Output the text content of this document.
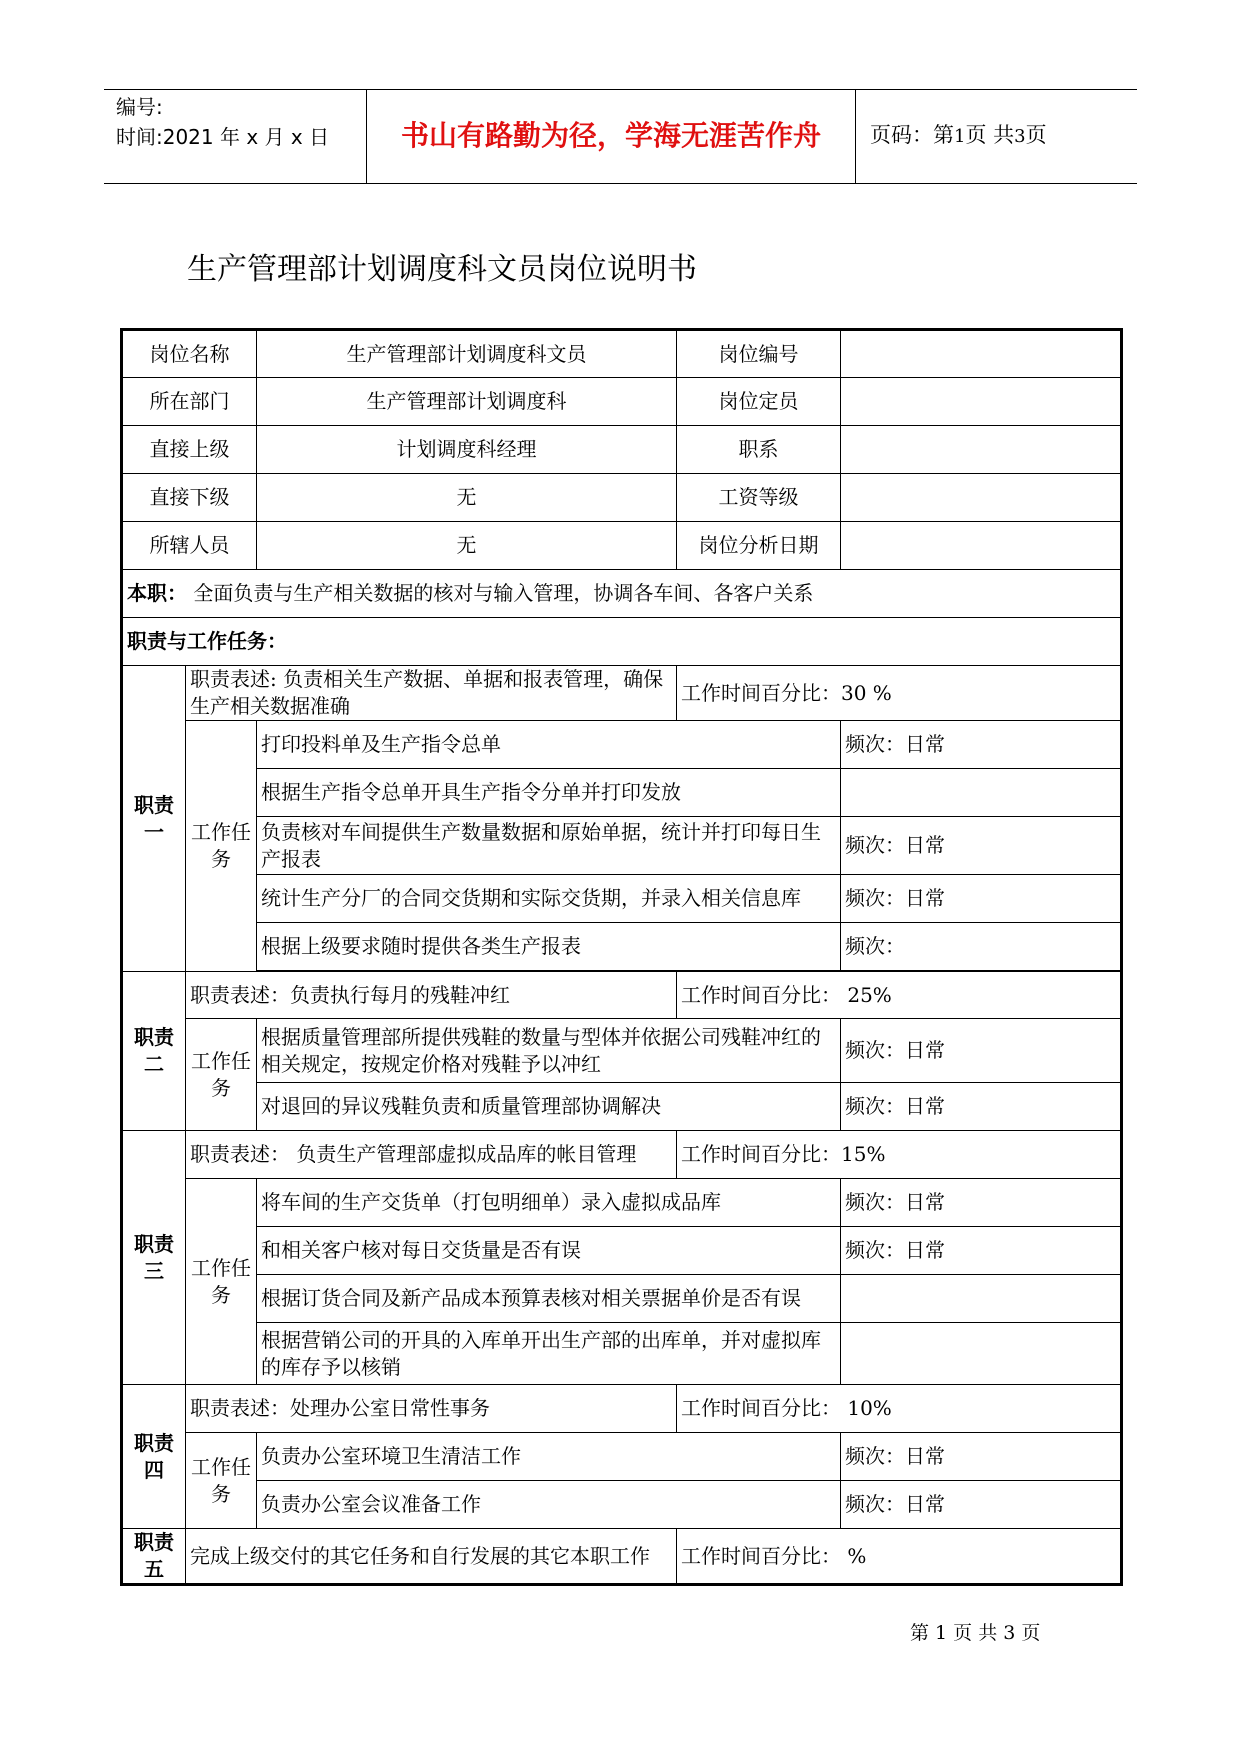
编号:
时间:2021 年 x 月 x 日	书山有路勤为径，学海无涯苦作舟	页码：第1页 共3页
生产管理部计划调度科文员岗位说明书
岗位名称		生产管理部计划调度科文员	岗位编号	
所在部门		生产管理部计划调度科	岗位定员	
直接上级		计划调度科经理	职系	
直接下级		无	工资等级	
所辖人员		无	岗位分析日期	
本职： 全面负责与生产相关数据的核对与输入管理，协调各车间、各客户关系				
职责与工作任务：				
职责一	职责表述: 负责相关生产数据、单据和报表管理，确保生产相关数据准确		工作时间百分比：30 %	
	工作任务	打印投料单及生产指令总单		频次：日常
		根据生产指令总单开具生产指令分单并打印发放		
		负责核对车间提供生产数量数据和原始单据，统计并打印每日生产报表		频次：日常
		统计生产分厂的合同交货期和实际交货期，并录入相关信息库		频次：日常
		根据上级要求随时提供各类生产报表		频次：

职责二	职责表述：负责执行每月的残鞋冲红		工作时间百分比： 25%	
	工作任务	根据质量管理部所提供残鞋的数量与型体并依据公司残鞋冲红的相关规定，按规定价格对残鞋予以冲红		频次：日常
		对退回的异议残鞋负责和质量管理部协调解决		频次：日常
职责三	职责表述： 负责生产管理部虚拟成品库的帐目管理		工作时间百分比：15%	
	工作任务	将车间的生产交货单（打包明细单）录入虚拟成品库		频次：日常
		和相关客户核对每日交货量是否有误		频次：日常
		根据订货合同及新产品成本预算表核对相关票据单价是否有误		
		根据营销公司的开具的入库单开出生产部的出库单，并对虚拟库的库存予以核销		
职责四	职责表述：处理办公室日常性事务		工作时间百分比： 10%	
	工作任务	负责办公室环境卫生清洁工作		频次：日常
		负责办公室会议准备工作		频次：日常
职责五	完成上级交付的其它任务和自行发展的其它本职工作		工作时间百分比： %	
第 1 页 共 3 页
